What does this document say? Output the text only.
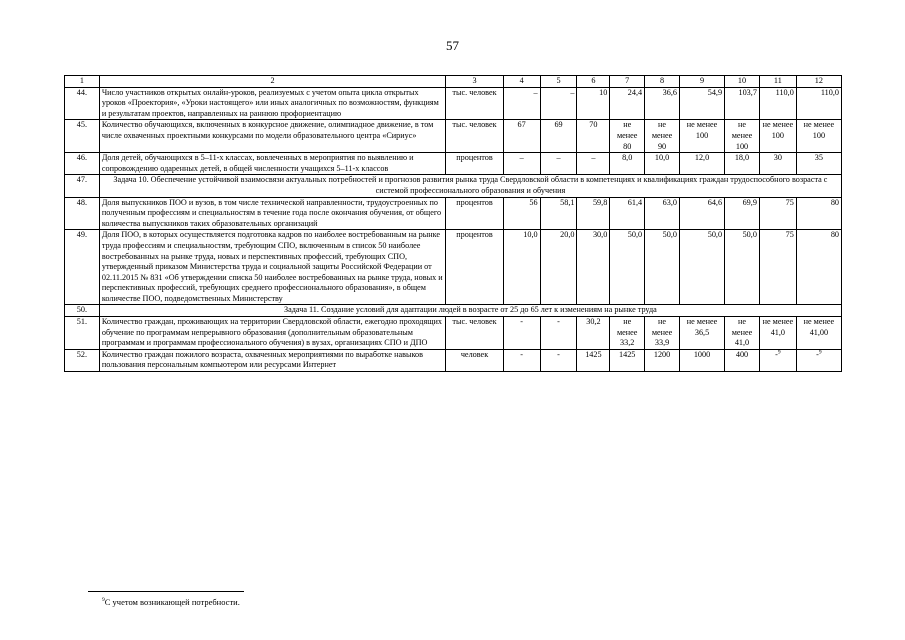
57
1	2	3	4	5	6	7	8	9	10	11	12
44.	Число участников открытых онлайн-уроков, реализуемых с учетом опыта цикла открытых уроков «Проектория», «Уроки настоящего» или иных аналогичных по возможностям, функциям и результатам проектов, направленных на раннюю профориентацию	тыс. человек	–	–	10	24,4	36,6	54,9	103,7	110,0	110,0
45.	Количество обучающихся, включенных в конкурсное движение, олимпиадное движение, в том числе охваченных проектными конкурсами по модели образовательного центра «Сириус»	тыс. человек	67	69	70	не менее 80	не менее 90	не менее 100	не менее 100	не менее 100	не менее 100
46.	Доля детей, обучающихся в 5–11-х классах, вовлеченных в мероприятия по выявлению и сопровождению одаренных детей, в общей численности учащихся 5–11-х классов	процентов	–	–	–	8,0	10,0	12,0	18,0	30	35
47.	Задача 10. Обеспечение устойчивой взаимосвязи актуальных потребностей и прогнозов развития рынка труда Свердловской области в компетенциях и квалификациях граждан трудоспособного возраста с системой профессионального образования и обучения										
48.	Доля выпускников ПОО и вузов, в том числе технической направленности, трудоустроенных по полученным профессиям и специальностям в течение года после окончания обучения, от общего количества выпускников таких образовательных организаций	процентов	56	58,1	59,8	61,4	63,0	64,6	69,9	75	80
49.	Доля ПОО, в которых осуществляется подготовка кадров по наиболее востребованным на рынке труда профессиям и специальностям, требующим СПО, включенным в список 50 наиболее востребованных на рынке труда, новых и перспективных профессий, требующих СПО, утвержденный приказом Министерства труда и социальной защиты Российской Федерации от 02.11.2015 № 831 «Об утверждении списка 50 наиболее востребованных на рынке труда, новых и перспективных профессий, требующих среднего профессионального образования», в общем количестве ПОО, подведомственных Министерству	процентов	10,0	20,0	30,0	50,0	50,0	50,0	50,0	75	80
50.	Задача 11. Создание условий для адаптации людей в возрасте от 25 до 65 лет к изменениям на рынке труда										
51.	Количество граждан, проживающих на территории Свердловской области, ежегодно проходящих обучение по программам непрерывного образования (дополнительным образовательным программам и программам профессионального обучения) в вузах, организациях СПО и ДПО	тыс. человек	-	-	30,2	не менее 33,2	не менее 33,9	не менее 36,5	не менее 41,0	не менее 41,0	не менее 41,00
52.	Количество граждан пожилого возраста, охваченных мероприятиями по выработке навыков пользования персональным компьютером или ресурсами Интернет	человек	-	-	1425	1425	1200	1000	400	-$^9$	-$^9$
$^9$С учетом возникающей потребности.
